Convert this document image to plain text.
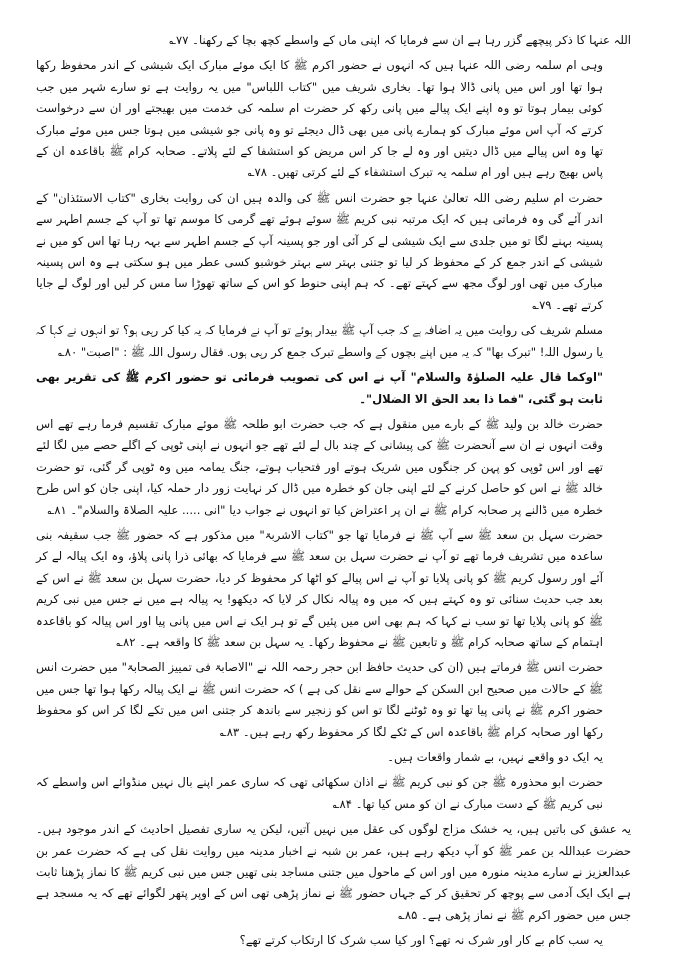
اللہ عنہا کا ذکر پیچھے گزر رہا ہے ان سے فرمایا کہ اپنی ماں کے واسطے کچھ بچا کے رکھنا۔ ۷۷؎

وہی ام سلمہ رضی اللہ عنہا ہیں کہ انہوں نے حضور اکرم ﷺ کا ایک موئے مبارک ایک شیشی کے اندر محفوظ رکھا ہوا تھا اور اس میں پانی ڈالا ہوا تھا۔ بخاری شریف میں "کتاب اللباس" میں یہ روایت ہے تو سارے شہر میں جب کوئی بیمار ہوتا تو وہ اپنے ایک پیالے میں پانی رکھ کر حضرت ام سلمہ کی خدمت میں بھیجتے اور ان سے درخواست کرتے کہ آپ اس موئے مبارک کو ہمارے پانی میں بھی ڈال دیجئے تو وہ پانی جو شیشی میں ہوتا جس میں موئے مبارک تھا وہ اس پیالے میں ڈال دیتیں اور وہ لے جا کر اس مریض کو استشفا کے لئے پلاتے۔ صحابہ کرام ﷺ باقاعدہ ان کے پاس بھیج رہے ہیں اور ام سلمہ یہ تبرک استشفاء کے لئے کرتی تھیں۔ ۷۸؎

حضرت ام سلیم رضی اللہ تعالیٰ عنہا جو حضرت انس ﷺ کی والدہ ہیں ان کی روایت بخاری "کتاب الاستئذان" کے اندر آئے گی وہ فرماتی ہیں کہ ایک مرتبہ نبی کریم ﷺ سوئے ہوئے تھے گرمی کا موسم تھا تو آپ کے جسم اطہر سے پسینہ بہنے لگا تو میں جلدی سے ایک شیشی لے کر آئی اور جو پسینہ آپ کے جسم اطہر سے بہہ رہا تھا اس کو میں نے شیشی کے اندر جمع کر کے محفوظ کر لیا تو جتنی بہتر سے بہتر خوشبو کسی عطر میں ہو سکتی ہے وہ اس پسینہ مبارک میں تھی اور لوگ مجھ سے کہتے تھے۔ کہ ہم اپنی حنوط کو اس کے ساتھ تھوڑا سا مس کر لیں اور لوگ لے جایا کرتے تھے۔ ۷۹؎

مسلم شریف کی روایت میں یہ اضافہ ہے کہ جب آپ ﷺ بیدار ہوئے تو آپ نے فرمایا کہ یہ کیا کر رہی ہو؟ تو انہوں نے کہا کہ یا رسول اللہ! "تبرک بھا" کہ یہ میں اپنے بچوں کے واسطے تبرک جمع کر رہی ہوں۔ فقال رسول اللہ ﷺ : "اصبت" ۸۰؎

"اوکما قال علیہ الصلوٰۃ والسلام" آپ نے اس کی تصویب فرمائی تو حضور اکرم ﷺ کی تقریر بھی ثابت ہو گئی، "فما ذا بعد الحق الا الضلال"۔

حضرت خالد بن ولید ﷺ کے بارے میں منقول ہے کہ جب حضرت ابو طلحہ ﷺ موئے مبارک تقسیم فرما رہے تھے اس وقت انہوں نے ان سے آنحضرت ﷺ کی پیشانی کے چند بال لے لئے تھے جو انہوں نے اپنی ٹوپی کے اگلے حصے میں لگا لئے تھے اور اس ٹوپی کو پہن کر جنگوں میں شریک ہوتے اور فتحیاب ہوتے، جنگ یمامہ میں وہ ٹوپی گر گئی، تو حضرت خالد ﷺ نے اس کو حاصل کرنے کے لئے اپنی جان کو خطرہ میں ڈال کر نہایت زور دار حملہ کیا، اپنی جان کو اس طرح خطرہ میں ڈالنے پر صحابہ کرام ﷺ نے ان پر اعتراض کیا تو انہوں نے جواب دیا "انی ..... علیہ الصلاۃ والسلام"۔ ۸۱؎

حضرت سہل بن سعد ﷺ سے آپ ﷺ نے فرمایا تھا جو "کتاب الاشربۃ" میں مذکور ہے کہ حضور ﷺ جب سقیفہ بنی ساعدہ میں تشریف فرما تھے تو آپ نے حضرت سہل بن سعد ﷺ سے فرمایا کہ بھائی ذرا پانی پلاؤ، وہ ایک پیالہ لے کر آئے اور رسول کریم ﷺ کو پانی پلایا تو آپ نے اس پیالے کو اٹھا کر محفوظ کر دیا، حضرت سہل بن سعد ﷺ نے اس کے بعد جب حدیث سنائی تو وہ کہتے ہیں کہ میں وہ پیالہ نکال کر لایا کہ دیکھو! یہ پیالہ ہے میں نے جس میں نبی کریم ﷺ کو پانی پلایا تھا تو سب نے کہا کہ ہم بھی اس میں پئیں گے تو ہر ایک نے اس میں پانی پیا اور اس پیالہ کو باقاعدہ اہتمام کے ساتھ صحابہ کرام ﷺ و تابعین ﷺ نے محفوظ رکھا۔ یہ سہل بن سعد ﷺ کا واقعہ ہے۔ ۸۲؎

حضرت انس ﷺ فرماتے ہیں (ان کی حدیث حافظ ابن حجر رحمہ اللہ نے "الاصابۃ فی تمییز الصحابۃ" میں حضرت انس ﷺ کے حالات میں صحیح ابن السکن کے حوالے سے نقل کی ہے ) کہ حضرت انس ﷺ نے ایک پیالہ رکھا ہوا تھا جس میں حضور اکرم ﷺ نے پانی پیا تھا تو وہ ٹوٹنے لگا تو اس کو زنجیر سے باندھ کر جتنی اس میں تکے لگا کر اس کو محفوظ رکھا اور صحابہ کرام ﷺ باقاعدہ اس کے ٹکے لگا کر محفوظ رکھ رہے ہیں۔ ۸۳؎

یہ ایک دو واقعے نہیں، بے شمار واقعات ہیں۔

حضرت ابو محذورہ ﷺ جن کو نبی کریم ﷺ نے اذان سکھائی تھی کہ ساری عمر اپنے بال نہیں منڈوائے اس واسطے کہ نبی کریم ﷺ کے دست مبارک نے ان کو مس کیا تھا۔ ۸۴؎

یہ عشق کی باتیں ہیں، یہ خشک مزاج لوگوں کی عقل میں نہیں آتیں، لیکن یہ ساری تفصیل احادیث کے اندر موجود ہیں۔ حضرت عبداللہ بن عمر ﷺ کو آپ دیکھ رہے ہیں، عمر بن شبہ نے اخبار مدینہ میں روایت نقل کی ہے کہ حضرت عمر بن عبدالعزیز نے سارے مدینہ منورہ میں اور اس کے ماحول میں جتنی مساجد بنی تھیں جس میں نبی کریم ﷺ کا نماز پڑھنا ثابت ہے ایک ایک آدمی سے پوچھ کر تحقیق کر کے جہاں حضور ﷺ نے نماز پڑھی تھی اس کے اوپر پتھر لگوائے تھے کہ یہ مسجد ہے جس میں حضور اکرم ﷺ نے نماز پڑھی ہے۔ ۸۵؎

یہ سب کام بے کار اور شرک نہ تھے؟ اور کیا سب شرک کا ارتکاب کرتے تھے؟
